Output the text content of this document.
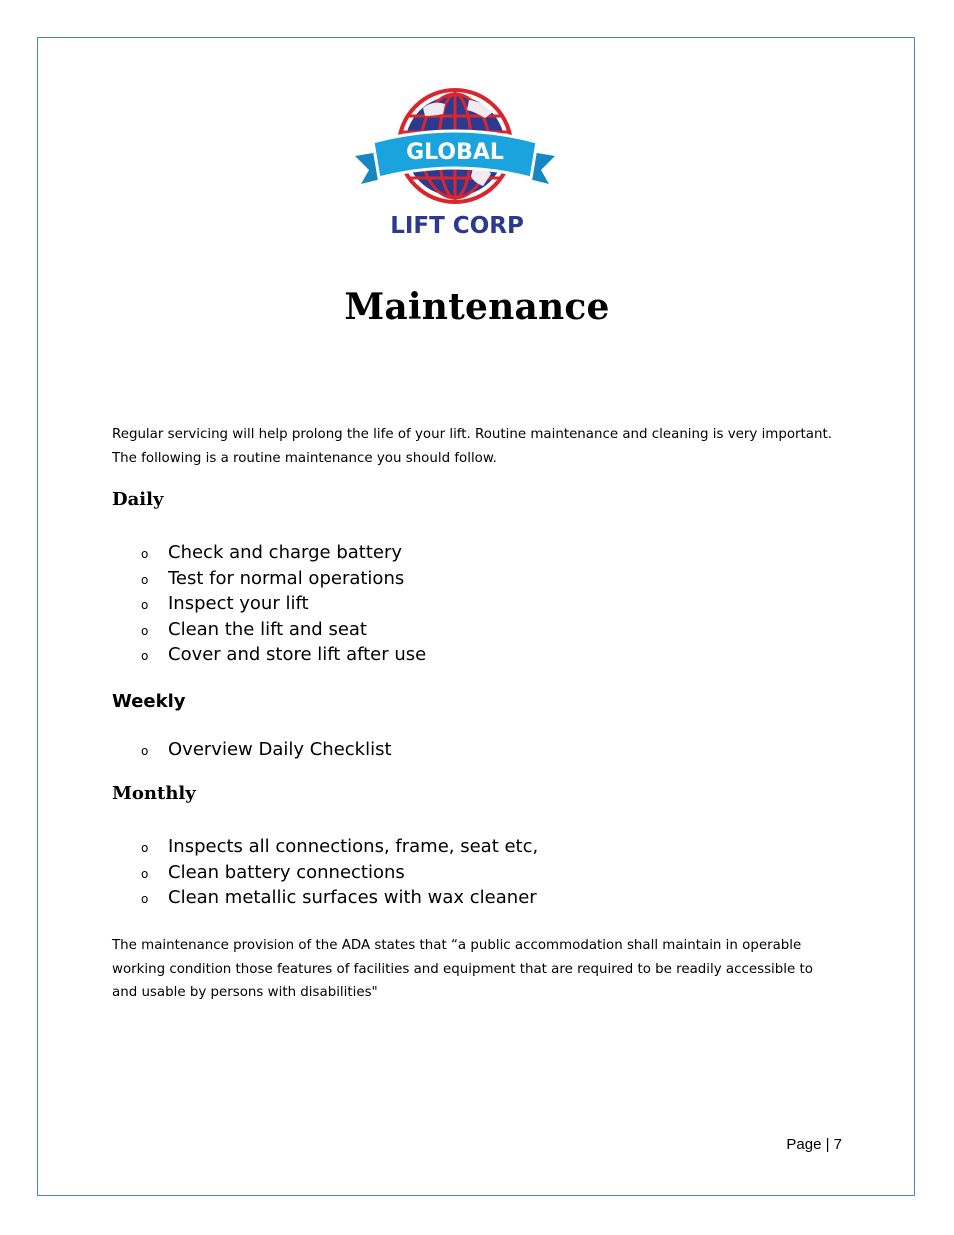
GLOBAL
LIFT CORP
Maintenance

Regular servicing will help prolong the life of your lift. Routine maintenance and cleaning is very important. The following is a routine maintenance you should follow.

Daily
o Check and charge battery
o Test for normal operations
o Inspect your lift
o Clean the lift and seat
o Cover and store lift after use
Weekly
o Overview Daily Checklist
Monthly
o Inspects all connections, frame, seat etc,
o Clean battery connections
o Clean metallic surfaces with wax cleaner

The maintenance provision of the ADA states that “a public accommodation shall maintain in operable working condition those features of facilities and equipment that are required to be readily accessible to and usable by persons with disabilities"

Page | 7
